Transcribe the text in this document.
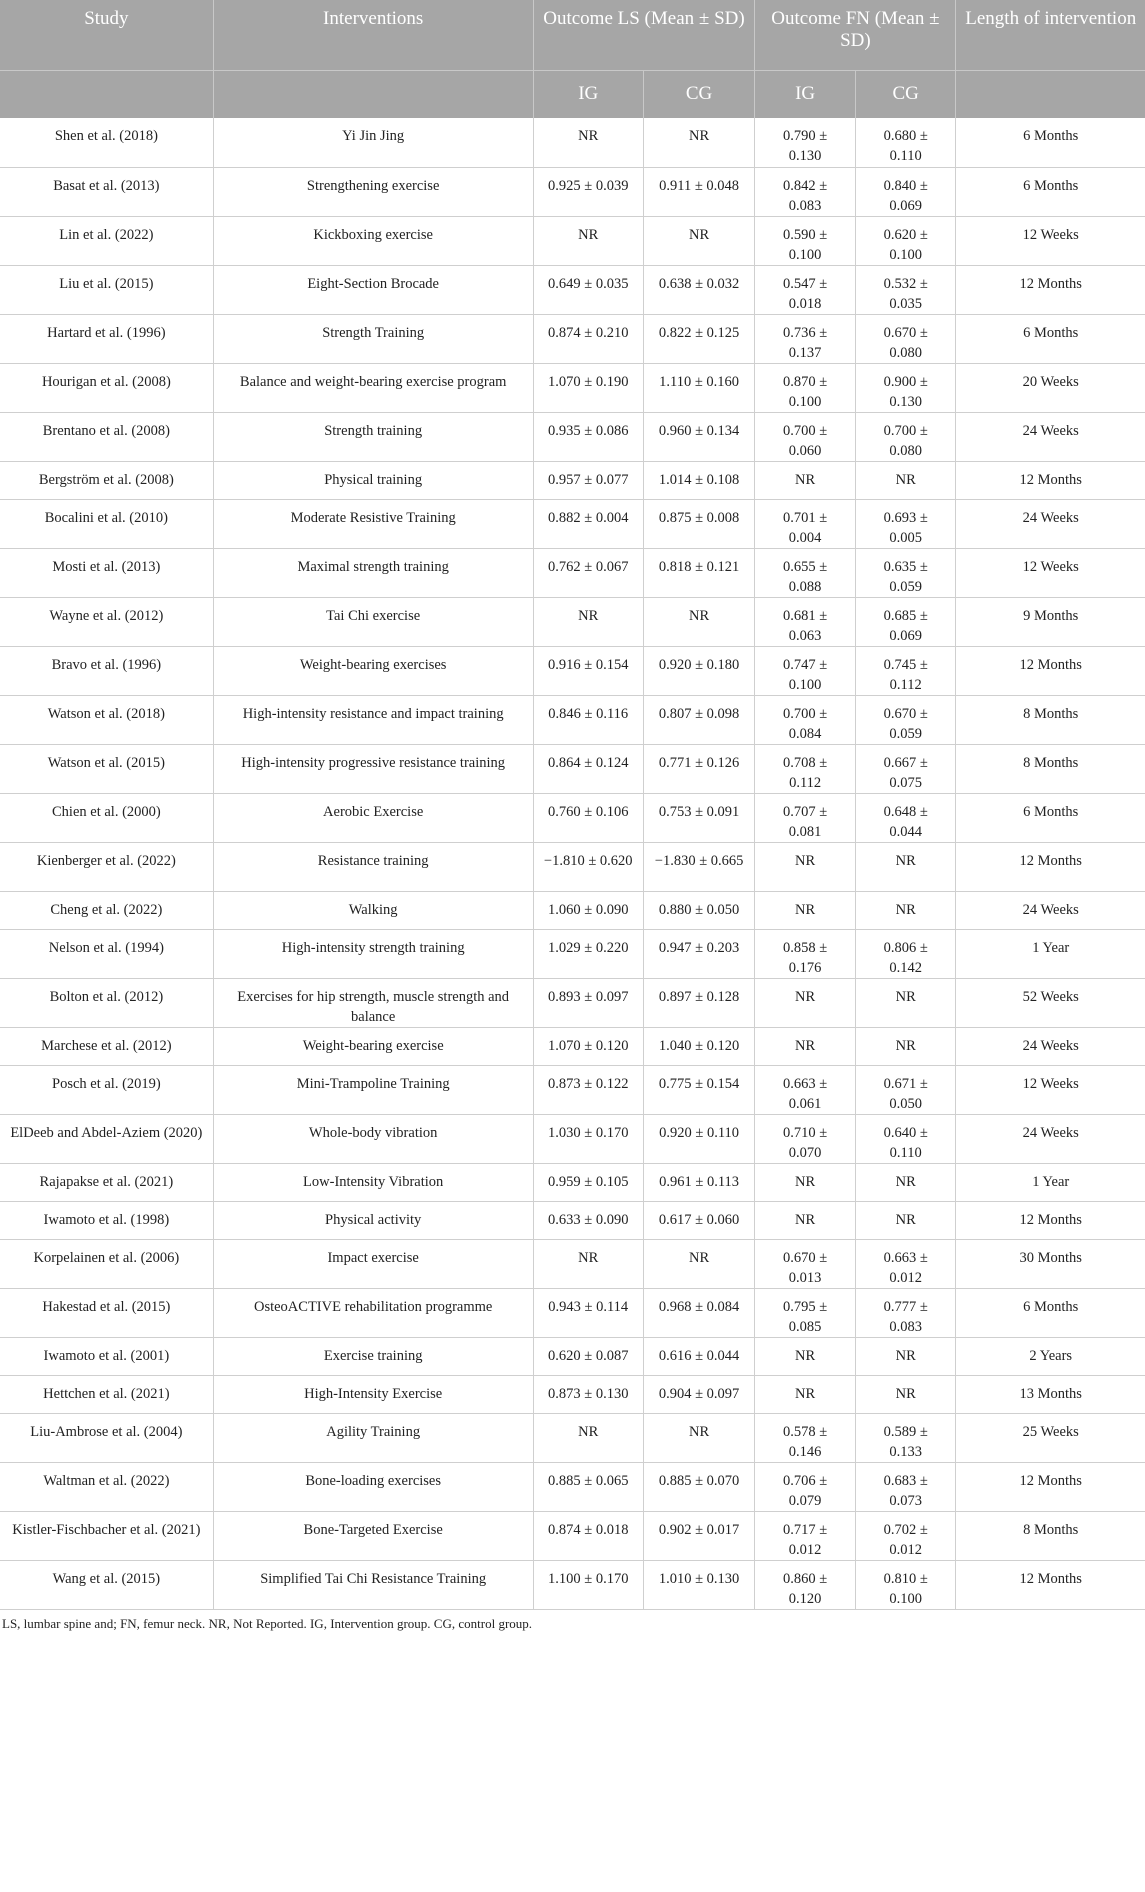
Study	Interventions	Outcome LS (Mean ± SD)		Outcome FN (Mean ± SD)		Length of intervention
		IG	CG	IG	CG	
Shen et al. (2018)	Yi Jin Jing	NR	NR	0.790 ± 0.130	0.680 ± 0.110	6 Months
Basat et al. (2013)	Strengthening exercise	0.925 ± 0.039	0.911 ± 0.048	0.842 ± 0.083	0.840 ± 0.069	6 Months
Lin et al. (2022)	Kickboxing exercise	NR	NR	0.590 ± 0.100	0.620 ± 0.100	12 Weeks
Liu et al. (2015)	Eight-Section Brocade	0.649 ± 0.035	0.638 ± 0.032	0.547 ± 0.018	0.532 ± 0.035	12 Months
Hartard et al. (1996)	Strength Training	0.874 ± 0.210	0.822 ± 0.125	0.736 ± 0.137	0.670 ± 0.080	6 Months
Hourigan et al. (2008)	Balance and weight-bearing exercise program	1.070 ± 0.190	1.110 ± 0.160	0.870 ± 0.100	0.900 ± 0.130	20 Weeks
Brentano et al. (2008)	Strength training	0.935 ± 0.086	0.960 ± 0.134	0.700 ± 0.060	0.700 ± 0.080	24 Weeks
Bergström et al. (2008)	Physical training	0.957 ± 0.077	1.014 ± 0.108	NR	NR	12 Months
Bocalini et al. (2010)	Moderate Resistive Training	0.882 ± 0.004	0.875 ± 0.008	0.701 ± 0.004	0.693 ± 0.005	24 Weeks
Mosti et al. (2013)	Maximal strength training	0.762 ± 0.067	0.818 ± 0.121	0.655 ± 0.088	0.635 ± 0.059	12 Weeks
Wayne et al. (2012)	Tai Chi exercise	NR	NR	0.681 ± 0.063	0.685 ± 0.069	9 Months
Bravo et al. (1996)	Weight-bearing exercises	0.916 ± 0.154	0.920 ± 0.180	0.747 ± 0.100	0.745 ± 0.112	12 Months
Watson et al. (2018)	High-intensity resistance and impact training	0.846 ± 0.116	0.807 ± 0.098	0.700 ± 0.084	0.670 ± 0.059	8 Months
Watson et al. (2015)	High-intensity progressive resistance training	0.864 ± 0.124	0.771 ± 0.126	0.708 ± 0.112	0.667 ± 0.075	8 Months
Chien et al. (2000)	Aerobic Exercise	0.760 ± 0.106	0.753 ± 0.091	0.707 ± 0.081	0.648 ± 0.044	6 Months
Kienberger et al. (2022)	Resistance training	−1.810 ± 0.620	−1.830 ± 0.665	NR	NR	12 Months
Cheng et al. (2022)	Walking	1.060 ± 0.090	0.880 ± 0.050	NR	NR	24 Weeks
Nelson et al. (1994)	High-intensity strength training	1.029 ± 0.220	0.947 ± 0.203	0.858 ± 0.176	0.806 ± 0.142	1 Year
Bolton et al. (2012)	Exercises for hip strength, muscle strength and balance	0.893 ± 0.097	0.897 ± 0.128	NR	NR	52 Weeks
Marchese et al. (2012)	Weight-bearing exercise	1.070 ± 0.120	1.040 ± 0.120	NR	NR	24 Weeks
Posch et al. (2019)	Mini-Trampoline Training	0.873 ± 0.122	0.775 ± 0.154	0.663 ± 0.061	0.671 ± 0.050	12 Weeks
ElDeeb and Abdel-Aziem (2020)	Whole-body vibration	1.030 ± 0.170	0.920 ± 0.110	0.710 ± 0.070	0.640 ± 0.110	24 Weeks
Rajapakse et al. (2021)	Low-Intensity Vibration	0.959 ± 0.105	0.961 ± 0.113	NR	NR	1 Year
Iwamoto et al. (1998)	Physical activity	0.633 ± 0.090	0.617 ± 0.060	NR	NR	12 Months
Korpelainen et al. (2006)	Impact exercise	NR	NR	0.670 ± 0.013	0.663 ± 0.012	30 Months
Hakestad et al. (2015)	OsteoACTIVE rehabilitation programme	0.943 ± 0.114	0.968 ± 0.084	0.795 ± 0.085	0.777 ± 0.083	6 Months
Iwamoto et al. (2001)	Exercise training	0.620 ± 0.087	0.616 ± 0.044	NR	NR	2 Years
Hettchen et al. (2021)	High-Intensity Exercise	0.873 ± 0.130	0.904 ± 0.097	NR	NR	13 Months
Liu-Ambrose et al. (2004)	Agility Training	NR	NR	0.578 ± 0.146	0.589 ± 0.133	25 Weeks
Waltman et al. (2022)	Bone-loading exercises	0.885 ± 0.065	0.885 ± 0.070	0.706 ± 0.079	0.683 ± 0.073	12 Months
Kistler-Fischbacher et al. (2021)	Bone-Targeted Exercise	0.874 ± 0.018	0.902 ± 0.017	0.717 ± 0.012	0.702 ± 0.012	8 Months
Wang et al. (2015)	Simplified Tai Chi Resistance Training	1.100 ± 0.170	1.010 ± 0.130	0.860 ± 0.120	0.810 ± 0.100	12 Months
LS, lumbar spine and; FN, femur neck. NR, Not Reported. IG, Intervention group. CG, control group.
